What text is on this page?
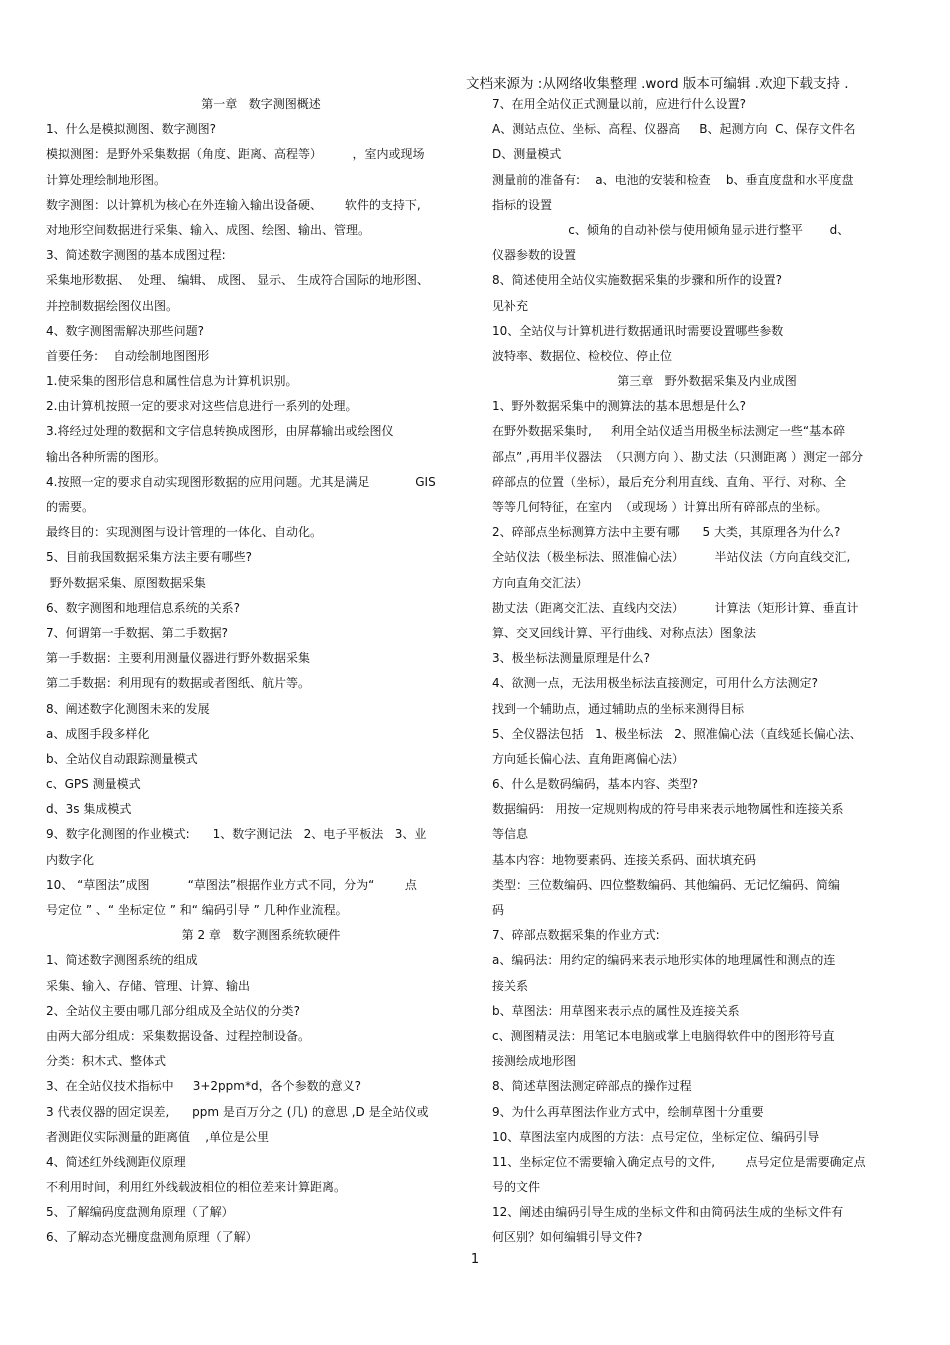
文档来源为 :从网络收集整理 .word 版本可编辑 .欢迎下载支持 .
第一章   数字测图概述
1、什么是模拟测图、数字测图?
模拟测图：是野外采集数据（角度、距离、高程等）        ，室内或现场
计算处理绘制地形图。
数字测图：以计算机为核心在外连输入输出设备硬、      软件的支持下,
对地形空间数据进行采集、输入、成图、绘图、输出、管理。
3、简述数字测图的基本成图过程:
采集地形数据、  处理、 编辑、 成图、 显示、 生成符合国际的地形图、
并控制数据绘图仪出图。
4、数字测图需解决那些问题?
首要任务:    自动绘制地图图形
1.使采集的图形信息和属性信息为计算机识别。
2.由计算机按照一定的要求对这些信息进行一系列的处理。
3.将经过处理的数据和文字信息转换成图形，由屏幕输出或绘图仪
输出各种所需的图形。
4.按照一定的要求自动实现图形数据的应用问题。尤其是满足            GIS
的需要。
最终目的：实现测图与设计管理的一体化、自动化。
5、目前我国数据采集方法主要有哪些?
野外数据采集、原图数据采集
6、数字测图和地理信息系统的关系?
7、何谓第一手数据、第二手数据?
第一手数据：主要利用测量仪器进行野外数据采集
第二手数据：利用现有的数据或者图纸、航片等。
8、阐述数字化测图未来的发展
a、成图手段多样化
b、全站仪自动跟踪测量模式
c、GPS 测量模式
d、3s 集成模式
9、数字化测图的作业模式:      1、数字测记法   2、电子平板法   3、业
内数字化
10、 “草图法”成图          “草图法”根据作业方式不同，分为“        点
号定位 ” 、“ 坐标定位 ” 和“ 编码引导 ” 几种作业流程。
第 2 章   数字测图系统软硬件
1、简述数字测图系统的组成
采集、输入、存储、管理、计算、输出
2、全站仪主要由哪几部分组成及全站仪的分类?
由两大部分组成：采集数据设备、过程控制设备。
分类：积木式、整体式
3、在全站仪技术指标中     3+2ppm*d，各个参数的意义?
3 代表仪器的固定误差,      ppm 是百万分之 (几) 的意思 ,D 是全站仪或
者测距仪实际测量的距离值    ,单位是公里
4、简述红外线测距仪原理
不利用时间，利用红外线载波相位的相位差来计算距离。
5、了解编码度盘测角原理（了解）
6、了解动态光栅度盘测角原理（了解）
7、在用全站仪正式测量以前，应进行什么设置?
A、测站点位、坐标、高程、仪器高     B、起测方向  C、保存文件名
D、测量模式
测量前的准备有:    a、电池的安装和检查    b、垂直度盘和水平度盘
指标的设置
c、倾角的自动补偿与使用倾角显示进行整平       d、
仪器参数的设置
8、简述使用全站仪实施数据采集的步骤和所作的设置?
见补充
10、全站仪与计算机进行数据通讯时需要设置哪些参数
波特率、数据位、检校位、停止位
第三章   野外数据采集及内业成图
1、野外数据采集中的测算法的基本思想是什么?
在野外数据采集时,     利用全站仪适当用极坐标法测定一些“基本碎
部点” ,再用半仪器法  （只测方向 ）、勘丈法（只测距离 ）测定一部分
碎部点的位置（坐标），最后充分利用直线、直角、平行、对称、全
等等几何特征，在室内  （或现场 ）计算出所有碎部点的坐标。
2、碎部点坐标测算方法中主要有哪      5 大类，其原理各为什么?
全站仪法（极坐标法、照准偏心法）        半站仪法（方向直线交汇,
方向直角交汇法）
勘丈法（距离交汇法、直线内交法）        计算法（矩形计算、垂直计
算、交叉回线计算、平行曲线、对称点法）图象法
3、极坐标法测量原理是什么?
4、欲测一点，无法用极坐标法直接测定，可用什么方法测定?
找到一个辅助点，通过辅助点的坐标来测得目标
5、全仪器法包括   1、极坐标法   2、照准偏心法（直线延长偏心法、
方向延长偏心法、直角距离偏心法）
6、什么是数码编码，基本内容、类型?
数据编码:   用按一定规则构成的符号串来表示地物属性和连接关系
等信息
基本内容：地物要素码、连接关系码、面状填充码
类型：三位数编码、四位整数编码、其他编码、无记忆编码、简编
码
7、碎部点数据采集的作业方式:
a、编码法：用约定的编码来表示地形实体的地理属性和测点的连
接关系
b、草图法：用草图来表示点的属性及连接关系
c、测图精灵法：用笔记本电脑或掌上电脑得软件中的图形符号直
接测绘成地形图
8、简述草图法测定碎部点的操作过程
9、为什么再草图法作业方式中，绘制草图十分重要
10、草图法室内成图的方法：点号定位，坐标定位、编码引导
11、坐标定位不需要输入确定点号的文件,        点号定位是需要确定点
号的文件
12、阐述由编码引导生成的坐标文件和由简码法生成的坐标文件有
何区别？如何编辑引导文件?
1
